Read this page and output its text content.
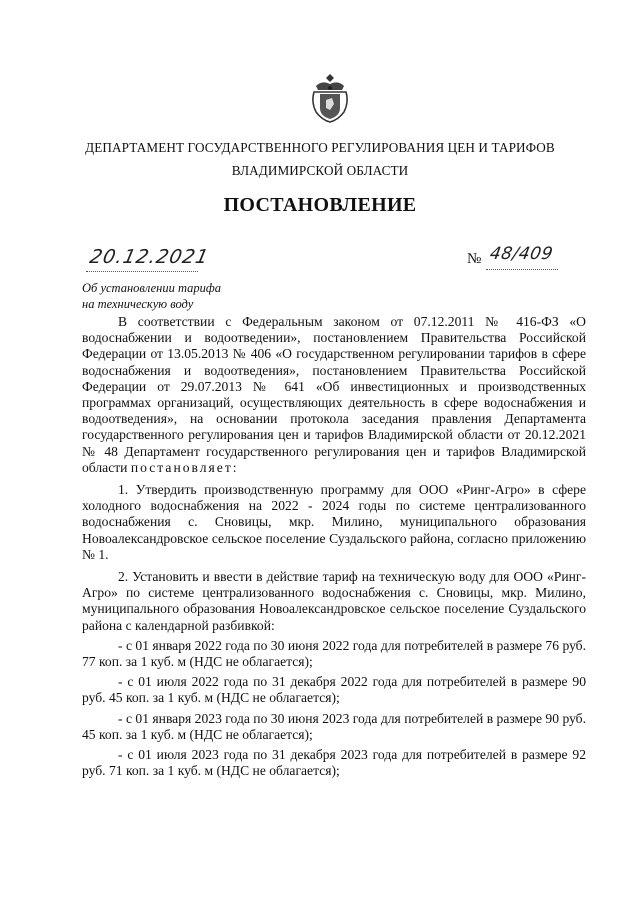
ДЕПАРТАМЕНТ ГОСУДАРСТВЕННОГО РЕГУЛИРОВАНИЯ ЦЕН И ТАРИФОВ
ВЛАДИМИРСКОЙ ОБЛАСТИ
ПОСТАНОВЛЕНИЕ
20.12.2021	№ 48/409
Об установлении тарифа
на техническую воду

В соответствии с Федеральным законом от 07.12.2011 № 416-ФЗ «О водоснабжении и водоотведении», постановлением Правительства Российской Федерации от 13.05.2013 № 406 «О государственном регулировании тарифов в сфере водоснабжения и водоотведения», постановлением Правительства Российской Федерации от 29.07.2013 № 641 «Об инвестиционных и производственных программах организаций, осуществляющих деятельность в сфере водоснабжения и водоотведения», на основании протокола заседания правления Департамента государственного регулирования цен и тарифов Владимирской области от 20.12.2021 № 48 Департамент государственного регулирования цен и тарифов Владимирской области постановляет:

1. Утвердить производственную программу для ООО «Ринг-Агро» в сфере холодного водоснабжения на 2022 - 2024 годы по системе централизованного водоснабжения с. Сновицы, мкр. Милино, муниципального образования Новоалександровское сельское поселение Суздальского района, согласно приложению № 1.

2. Установить и ввести в действие тариф на техническую воду для ООО «Ринг-Агро» по системе централизованного водоснабжения с. Сновицы, мкр. Милино, муниципального образования Новоалександровское сельское поселение Суздальского района с календарной разбивкой:

- с 01 января 2022 года по 30 июня 2022 года для потребителей в размере 76 руб. 77 коп. за 1 куб. м (НДС не облагается);

- с 01 июля 2022 года по 31 декабря 2022 года для потребителей в размере 90 руб. 45 коп. за 1 куб. м (НДС не облагается);

- с 01 января 2023 года по 30 июня 2023 года для потребителей в размере 90 руб. 45 коп. за 1 куб. м (НДС не облагается);

- с 01 июля 2023 года по 31 декабря 2023 года для потребителей в размере 92 руб. 71 коп. за 1 куб. м (НДС не облагается);
